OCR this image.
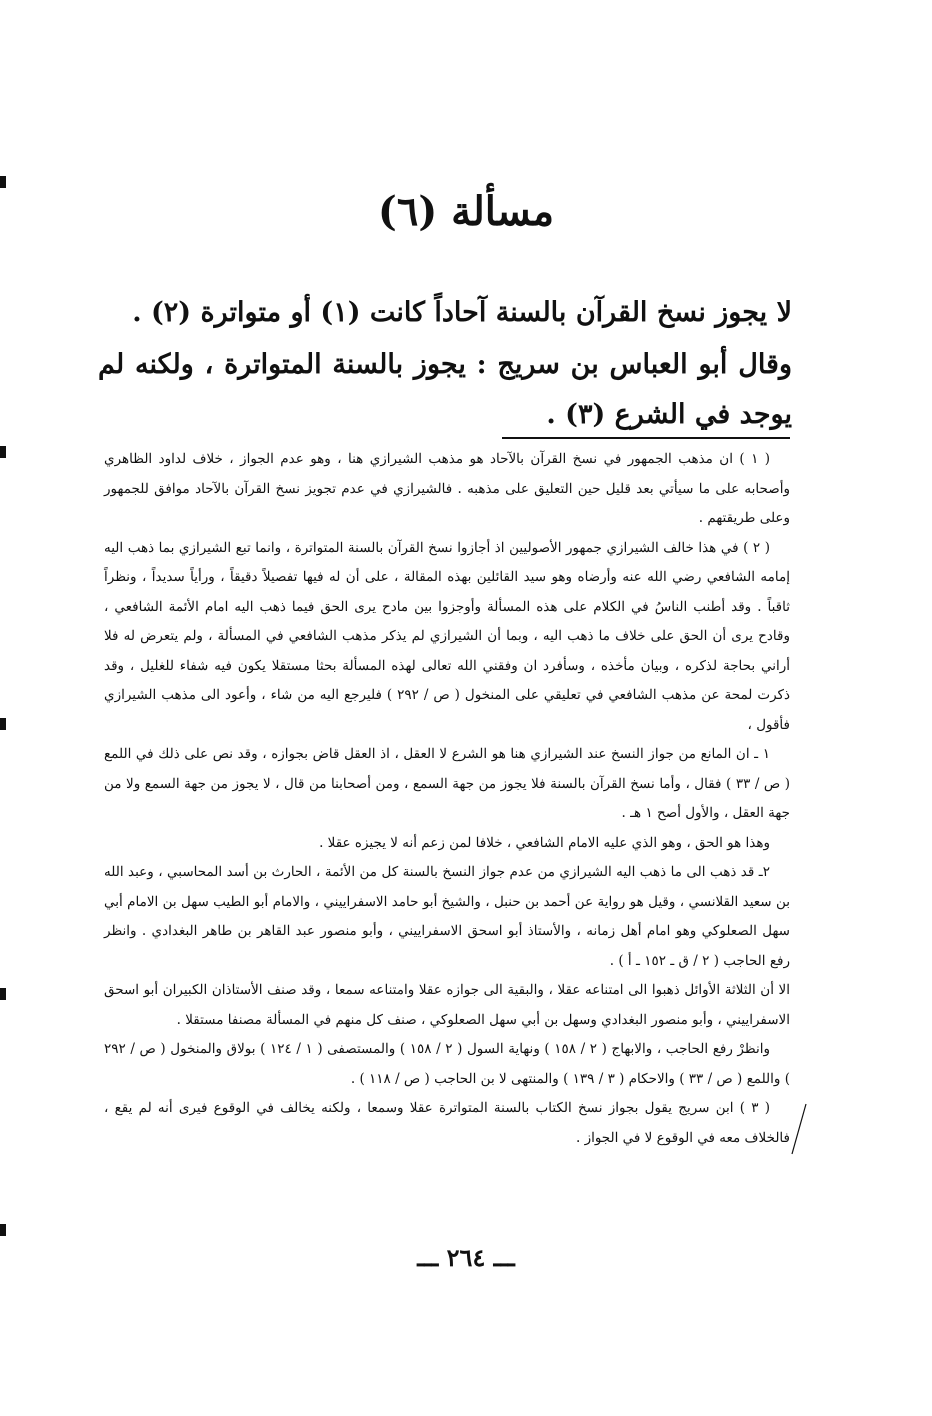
مسألة (٦)
لا يجوز نسخ القرآن بالسنة آحاداً كانت (١) أو متواترة (٢) .
وقال أبو العباس بن سريج : يجوز بالسنة المتواترة ، ولكنه لم يوجد في الشرع (٣) .

( ١ ) ان مذهب الجمهور في نسخ القرآن بالآحاد هو مذهب الشيرازي هنا ، وهو عدم الجواز ، خلاف لداود الظاهري وأصحابه على ما سيأتي بعد قليل حين التعليق على مذهبه . فالشيرازي في عدم تجويز نسخ القرآن بالآحاد موافق للجمهور وعلى طريقتهم .

( ٢ ) في هذا خالف الشيرازي جمهور الأصوليين اذ أجازوا نسخ القرآن بالسنة المتواترة ، وانما تبع الشيرازي بما ذهب اليه إمامه الشافعي رضي الله عنه وأرضاه وهو سيد القائلين بهذه المقالة ، على أن له فيها تفصيلاً دقيقاً ، ورأياً سديداً ، ونظراً ثاقباً . وقد أطنب الناسُ في الكلام على هذه المسألة وأوجزوا بين مادح يرى الحق فيما ذهب اليه امام الأئمة الشافعي ، وقادح يرى أن الحق على خلاف ما ذهب اليه ، وبما أن الشيرازي لم يذكر مذهب الشافعي في المسألة ، ولم يتعرض له فلا أراني بحاجة لذكره ، وبيان مأخذه ، وسأفرد ان وفقني الله تعالى لهذه المسألة بحثا مستقلا يكون فيه شفاء للغليل ، وقد ذكرت لمحة عن مذهب الشافعي في تعليقي على المنخول ( ص / ٢٩٢ ) فليرجع اليه من شاء ، وأعود الى مذهب الشيرازي فأقول ،

١ ـ ان المانع من جواز النسخ عند الشيرازي هنا هو الشرع لا العقل ، اذ العقل قاض بجوازه ، وقد نص على ذلك في اللمع ( ص / ٣٣ ) فقال ، وأما نسخ القرآن بالسنة فلا يجوز من جهة السمع ، ومن أصحابنا من قال ، لا يجوز من جهة السمع ولا من جهة العقل ، والأول أصح ١ هـ .

وهذا هو الحق ، وهو الذي عليه الامام الشافعي ، خلافا لمن زعم أنه لا يجيزه عقلا .

٢ـ قد ذهب الى ما ذهب اليه الشيرازي من عدم جواز النسخ بالسنة كل من الأئمة ، الحارث بن أسد المحاسبي ، وعبد الله بن سعيد القلانسي ، وقيل هو رواية عن أحمد بن حنبل ، والشيخ أبو حامد الاسفراييني ، والامام أبو الطيب سهل بن الامام أبي سهل الصعلوكي وهو امام أهل زمانه ، والأستاذ أبو اسحق الاسفراييني ، وأبو منصور عبد القاهر بن طاهر البغدادي . وانظر رفع الحاجب ( ٢ / ق ـ ١٥٢ ـ أ ) .

الا أن الثلاثة الأوائل ذهبوا الى امتناعه عقلا ، والبقية الى جوازه عقلا وامتناعه سمعا ، وقد صنف الأستاذان الكبيران أبو اسحق الاسفراييني ، وأبو منصور البغدادي وسهل بن أبي سهل الصعلوكي ، صنف كل منهم في المسألة مصنفا مستقلا .

وانظرْ رفع الحاجب ، والابهاج ( ٢ / ١٥٨ ) ونهاية السول ( ٢ / ١٥٨ ) والمستصفى ( ١ / ١٢٤ ) بولاق والمنخول ( ص / ٢٩٢ ) واللمع ( ص / ٣٣ ) والاحكام ( ٣ / ١٣٩ ) والمنتهى لا بن الحاجب ( ص / ١١٨ ) .

( ٣ ) ابن سريج يقول بجواز نسخ الكتاب بالسنة المتواترة عقلا وسمعا ، ولكنه يخالف في الوقوع فيرى أنه لم يقع ، فالخلاف معه في الوقوع لا في الجواز .

ـــ ٢٦٤ ـــ
